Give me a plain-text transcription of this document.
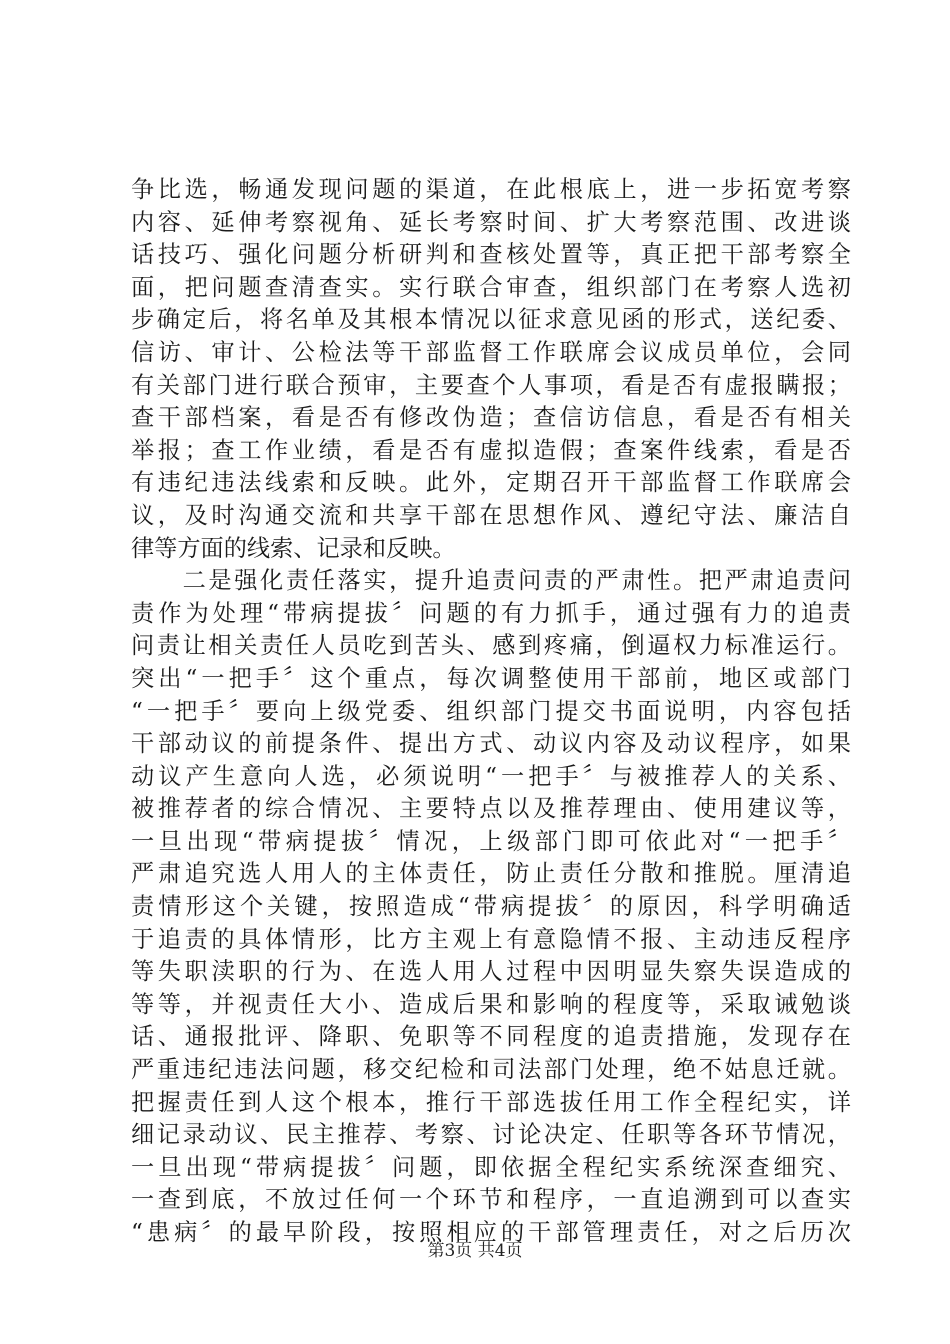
争比选，畅通发现问题的渠道，在此根底上，进一步拓宽考察
内容、延伸考察视角、延长考察时间、扩大考察范围、改进谈
话技巧、强化问题分析研判和查核处置等，真正把干部考察全
面，把问题查清查实。实行联合审查，组织部门在考察人选初
步确定后，将名单及其根本情况以征求意见函的形式，送纪委、
信访、审计、公检法等干部监督工作联席会议成员单位，会同
有关部门进行联合预审，主要查个人事项，看是否有虚报瞒报；
查干部档案，看是否有修改伪造；查信访信息，看是否有相关
举报；查工作业绩，看是否有虚拟造假；查案件线索，看是否
有违纪违法线索和反映。此外，定期召开干部监督工作联席会
议，及时沟通交流和共享干部在思想作风、遵纪守法、廉洁自
律等方面的线索、记录和反映。
　　二是强化责任落实，提升追责问责的严肃性。把严肃追责问
责作为处理“带病提拔〞问题的有力抓手，通过强有力的追责
问责让相关责任人员吃到苦头、感到疼痛，倒逼权力标准运行。
突出“一把手〞这个重点，每次调整使用干部前，地区或部门
“一把手〞要向上级党委、组织部门提交书面说明，内容包括
干部动议的前提条件、提出方式、动议内容及动议程序，如果
动议产生意向人选，必须说明“一把手〞与被推荐人的关系、
被推荐者的综合情况、主要特点以及推荐理由、使用建议等，
一旦出现“带病提拔〞情况，上级部门即可依此对“一把手〞
严肃追究选人用人的主体责任，防止责任分散和推脱。厘清追
责情形这个关键，按照造成“带病提拔〞的原因，科学明确适
于追责的具体情形，比方主观上有意隐情不报、主动违反程序
等失职渎职的行为、在选人用人过程中因明显失察失误造成的
等等，并视责任大小、造成后果和影响的程度等，采取诫勉谈
话、通报批评、降职、免职等不同程度的追责措施，发现存在
严重违纪违法问题，移交纪检和司法部门处理，绝不姑息迁就。
把握责任到人这个根本，推行干部选拔任用工作全程纪实，详
细记录动议、民主推荐、考察、讨论决定、任职等各环节情况，
一旦出现“带病提拔〞问题，即依据全程纪实系统深查细究、
一查到底，不放过任何一个环节和程序，一直追溯到可以查实
“患病〞的最早阶段，按照相应的干部管理责任，对之后历次
第3页 共4页
